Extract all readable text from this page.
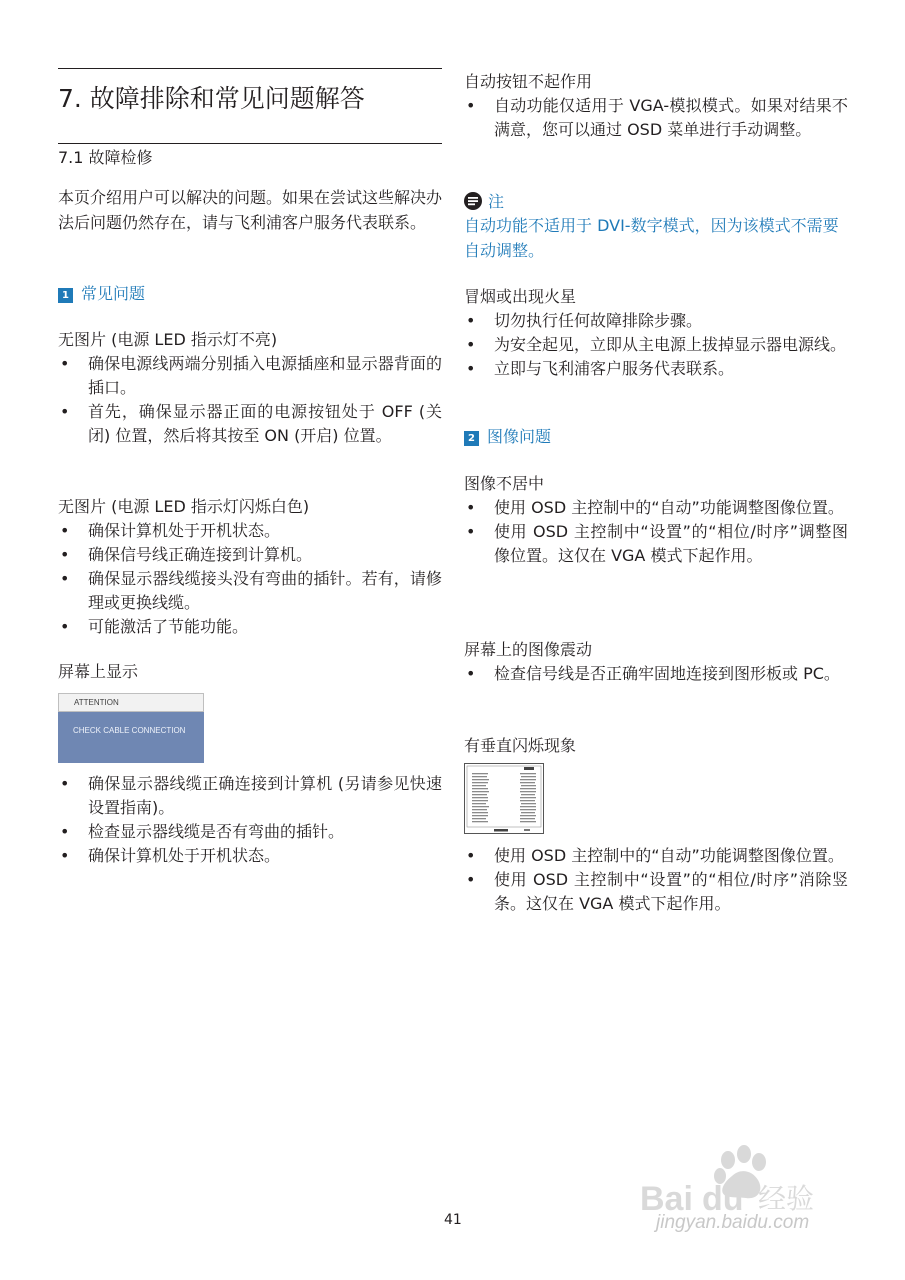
7. 故障排除和常见问题解答
7.1 故障检修
本页介绍用户可以解决的问题。如果在尝试这些解决办法后问题仍然存在，请与飞利浦客户服务代表联系。
1 常见问题
无图片 (电源 LED 指示灯不亮)
• 确保电源线两端分别插入电源插座和显示器背面的插口。
• 首先，确保显示器正面的电源按钮处于 OFF (关闭) 位置，然后将其按至 ON (开启) 位置。
无图片 (电源 LED 指示灯闪烁白色)
• 确保计算机处于开机状态。
• 确保信号线正确连接到计算机。
• 确保显示器线缆接头没有弯曲的插针。若有，请修理或更换线缆。
• 可能激活了节能功能。
屏幕上显示
ATTENTION
CHECK CABLE CONNECTION
• 确保显示器线缆正确连接到计算机 (另请参见快速设置指南)。
• 检查显示器线缆是否有弯曲的插针。
• 确保计算机处于开机状态。
自动按钮不起作用
• 自动功能仅适用于 VGA-模拟模式。如果对结果不满意，您可以通过 OSD 菜单进行手动调整。
注
自动功能不适用于 DVI-数字模式，因为该模式不需要自动调整。
冒烟或出现火星
• 切勿执行任何故障排除步骤。
• 为安全起见，立即从主电源上拔掉显示器电源线。
• 立即与飞利浦客户服务代表联系。
2 图像问题
图像不居中
• 使用 OSD 主控制中的“自动”功能调整图像位置。
• 使用 OSD 主控制中“设置”的“相位/时序”调整图像位置。这仅在 VGA 模式下起作用。
屏幕上的图像震动
• 检查信号线是否正确牢固地连接到图形板或 PC。
有垂直闪烁现象
• 使用 OSD 主控制中的“自动”功能调整图像位置。
• 使用 OSD 主控制中“设置”的“相位/时序”消除竖条。这仅在 VGA 模式下起作用。
41
Bai du 经验
jingyan.baidu.com
